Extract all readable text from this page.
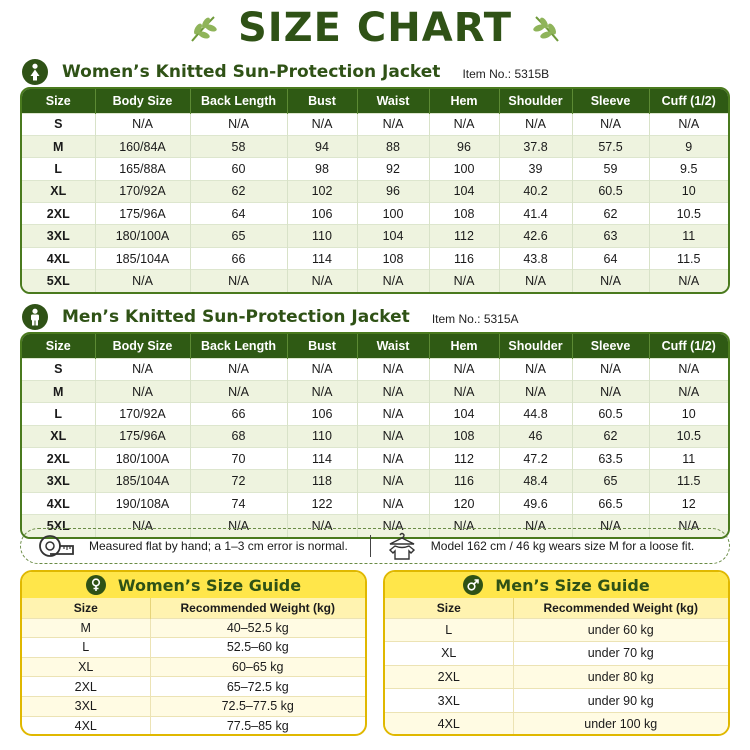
SIZE CHART
Women’s Knitted Sun-Protection Jacket Item No.: 5315B
Size	Body Size	Back Length	Bust	Waist	Hem	Shoulder	Sleeve	Cuff (1/2)
S	N/A	N/A	N/A	N/A	N/A	N/A	N/A	N/A
M	160/84A	58	94	88	96	37.8	57.5	9
L	165/88A	60	98	92	100	39	59	9.5
XL	170/92A	62	102	96	104	40.2	60.5	10
2XL	175/96A	64	106	100	108	41.4	62	10.5
3XL	180/100A	65	110	104	112	42.6	63	11
4XL	185/104A	66	114	108	116	43.8	64	11.5
5XL	N/A	N/A	N/A	N/A	N/A	N/A	N/A	N/A
Men’s Knitted Sun-Protection Jacket Item No.: 5315A
Size	Body Size	Back Length	Bust	Waist	Hem	Shoulder	Sleeve	Cuff (1/2)
S	N/A	N/A	N/A	N/A	N/A	N/A	N/A	N/A
M	N/A	N/A	N/A	N/A	N/A	N/A	N/A	N/A
L	170/92A	66	106	N/A	104	44.8	60.5	10
XL	175/96A	68	110	N/A	108	46	62	10.5
2XL	180/100A	70	114	N/A	112	47.2	63.5	11
3XL	185/104A	72	118	N/A	116	48.4	65	11.5
4XL	190/108A	74	122	N/A	120	49.6	66.5	12
5XL	N/A	N/A	N/A	N/A	N/A	N/A	N/A	N/A
Measured flat by hand; a 1–3 cm error is normal.	Model 162 cm / 46 kg wears size M for a loose fit.
Women’s Size Guide
Size	Recommended Weight (kg)
M	40–52.5 kg
L	52.5–60 kg
XL	60–65 kg
2XL	65–72.5 kg
3XL	72.5–77.5 kg
4XL	77.5–85 kg
Men’s Size Guide
Size	Recommended Weight (kg)
L	under 60 kg
XL	under 70 kg
2XL	under 80 kg
3XL	under 90 kg
4XL	under 100 kg
